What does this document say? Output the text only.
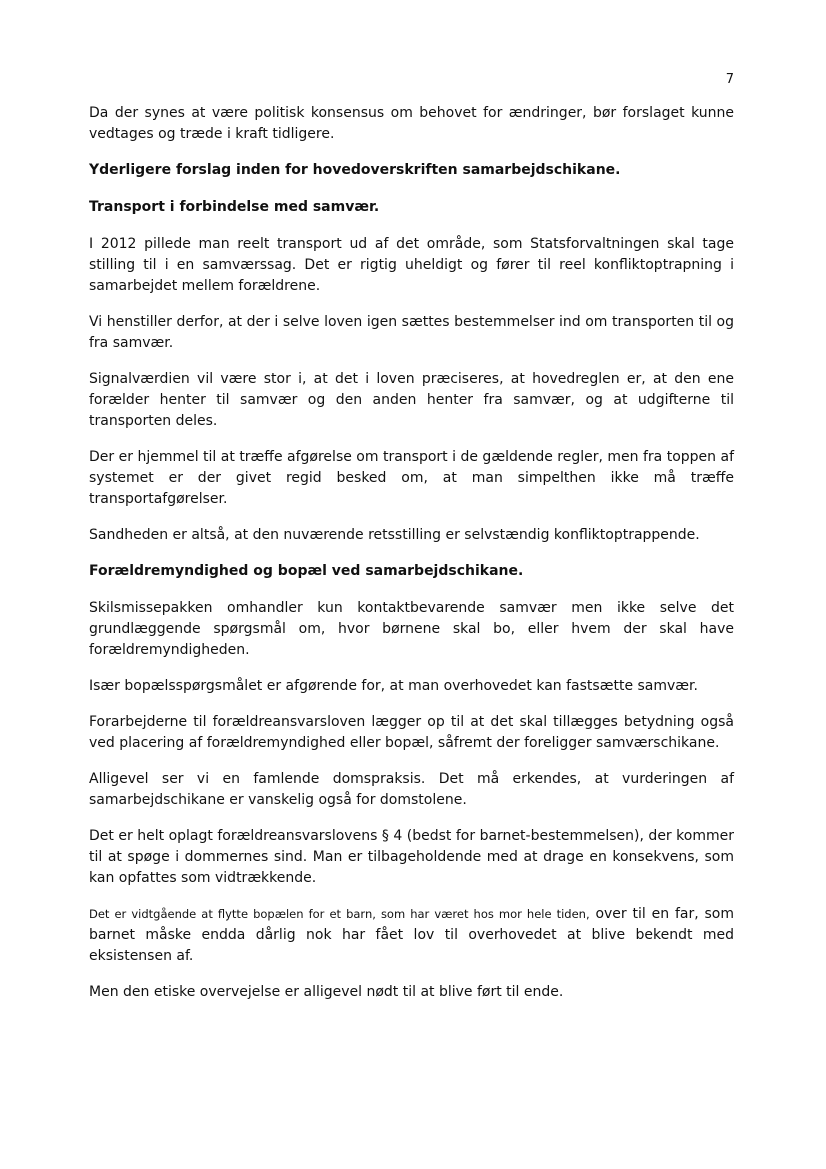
7

Da der synes at være politisk konsensus om behovet for ændringer, bør forslaget kunne vedtages og træde i kraft tidligere.

Yderligere forslag inden for hovedoverskriften samarbejdschikane.

Transport i forbindelse med samvær.

I 2012 pillede man reelt transport ud af det område, som Statsforvaltningen skal tage stilling til i en samværssag. Det er rigtig uheldigt og fører til reel konfliktoptrapning i samarbejdet mellem forældrene.

Vi henstiller derfor, at der i selve loven igen sættes bestemmelser ind om transporten til og fra samvær.

Signalværdien vil være stor i, at det i loven præciseres, at hovedreglen er, at den ene forælder henter til samvær og den anden henter fra samvær, og at udgifterne til transporten deles.

Der er hjemmel til at træffe afgørelse om transport i de gældende regler, men fra toppen af systemet er der givet regid besked om, at man simpelthen ikke må træffe transportafgørelser.

Sandheden er altså, at den nuværende retsstilling er selvstændig konfliktoptrappende.

Forældremyndighed og bopæl ved samarbejdschikane.

Skilsmissepakken omhandler kun kontaktbevarende samvær men ikke selve det grundlæggende spørgsmål om, hvor børnene skal bo, eller hvem der skal have forældremyndigheden.

Især bopælsspørgsmålet er afgørende for, at man overhovedet kan fastsætte samvær.

Forarbejderne til forældreansvarsloven lægger op til at det skal tillægges betydning også ved placering af forældremyndighed eller bopæl, såfremt der foreligger samværschikane.

Alligevel ser vi en famlende domspraksis. Det må erkendes, at vurderingen af samarbejdschikane er vanskelig også for domstolene.

Det er helt oplagt forældreansvarslovens § 4 (bedst for barnet-bestemmelsen), der kommer til at spøge i dommernes sind. Man er tilbageholdende med at drage en konsekvens, som kan opfattes som vidtrækkende.

Det er vidtgående at flytte bopælen for et barn, som har været hos mor hele tiden, over til en far, som barnet måske endda dårlig nok har fået lov til overhovedet at blive bekendt med eksistensen af.

Men den etiske overvejelse er alligevel nødt til at blive ført til ende.
